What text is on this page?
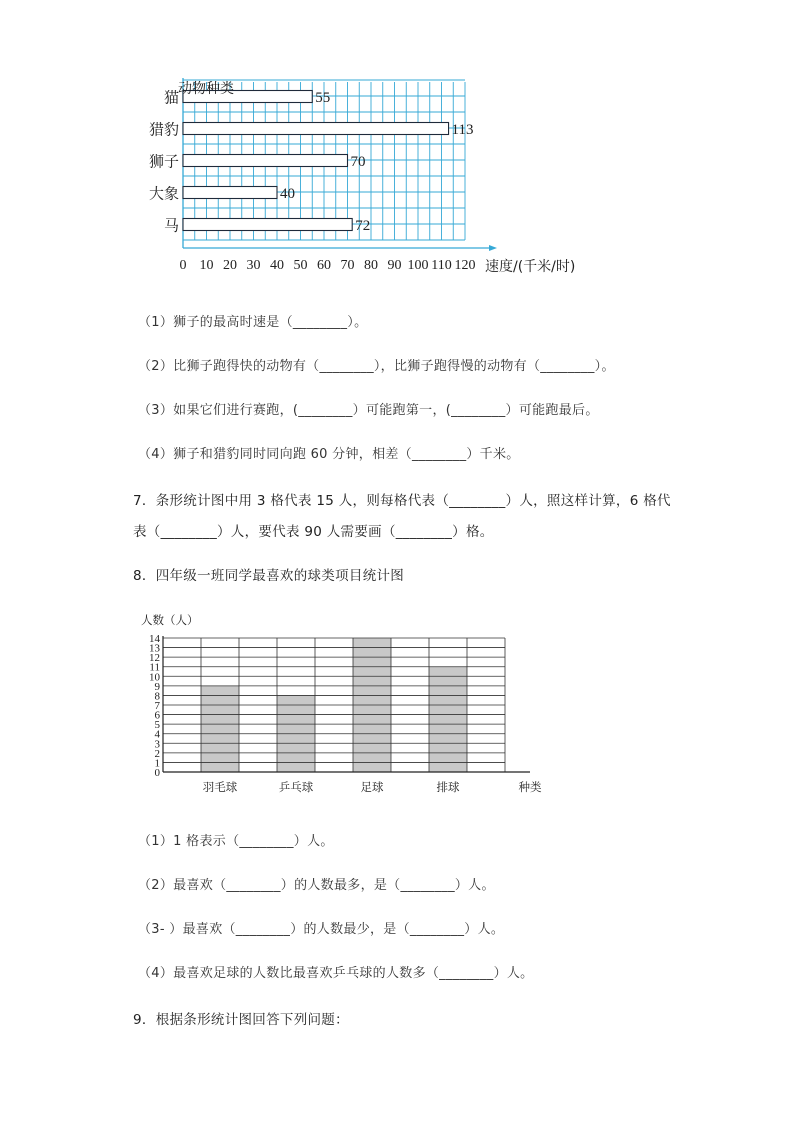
55
猫
113
猎豹
70
狮子
40
大象
72
马
0 10 20 30 40 50 60 70 80 90 100 110 120
动物种类
速度/(千米/时)
（1）狮子的最高时速是（________）。
（2）比狮子跑得快的动物有（________），比狮子跑得慢的动物有（________）。
（3）如果它们进行赛跑，(________）可能跑第一，(________）可能跑最后。
（4）狮子和猎豹同时同向跑 60 分钟，相差（________）千米。
7．条形统计图中用 3 格代表 15 人，则每格代表（________）人，照这样计算，6 格代
表（________）人，要代表 90 人需要画（________）格。
8．四年级一班同学最喜欢的球类项目统计图
羽毛球	乒乓球	足球	排球
0
1
2
3
4
5
6
7
8
9
10
11
12
13
14
人数（人）
种类
（1）1 格表示（________）人。
（2）最喜欢（________）的人数最多，是（________）人。
（3- ）最喜欢（________）的人数最少，是（________）人。
（4）最喜欢足球的人数比最喜欢乒乓球的人数多（________）人。
9．根据条形统计图回答下列问题：
